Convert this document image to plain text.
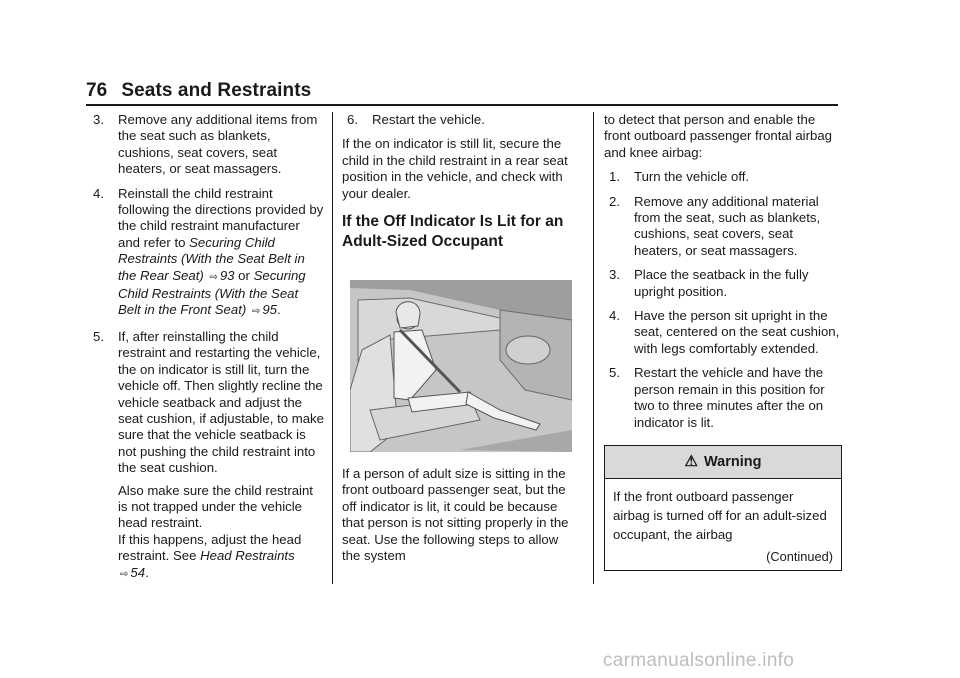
76 Seats and Restraints
3. Remove any additional items from the seat such as blankets, cushions, seat covers, seat heaters, or seat massagers.
4. Reinstall the child restraint following the directions provided by the child restraint manufacturer and refer to Securing Child Restraints (With the Seat Belt in the Rear Seat) ⇨ 93 or Securing Child Restraints (With the Seat Belt in the Front Seat) ⇨ 95.
5. If, after reinstalling the child restraint and restarting the vehicle, the on indicator is still lit, turn the vehicle off. Then slightly recline the vehicle seatback and adjust the seat cushion, if adjustable, to make sure that the vehicle seatback is not pushing the child restraint into the seat cushion.
Also make sure the child restraint is not trapped under the vehicle head restraint.
If this happens, adjust the head restraint. See Head Restraints ⇨ 54.
6. Restart the vehicle.
If the on indicator is still lit, secure the child in the child restraint in a rear seat position in the vehicle, and check with your dealer.
If the Off Indicator Is Lit for an Adult-Sized Occupant
If a person of adult size is sitting in the front outboard passenger seat, but the off indicator is lit, it could be because that person is not sitting properly in the seat. Use the following steps to allow the system
to detect that person and enable the front outboard passenger frontal airbag and knee airbag:
1. Turn the vehicle off.
2. Remove any additional material from the seat, such as blankets, cushions, seat covers, seat heaters, or seat massagers.
3. Place the seatback in the fully upright position.
4. Have the person sit upright in the seat, centered on the seat cushion, with legs comfortably extended.
5. Restart the vehicle and have the person remain in this position for two to three minutes after the on indicator is lit.
⚠ Warning
If the front outboard passenger airbag is turned off for an adult-sized occupant, the airbag
(Continued)
carmanualsonline.info
